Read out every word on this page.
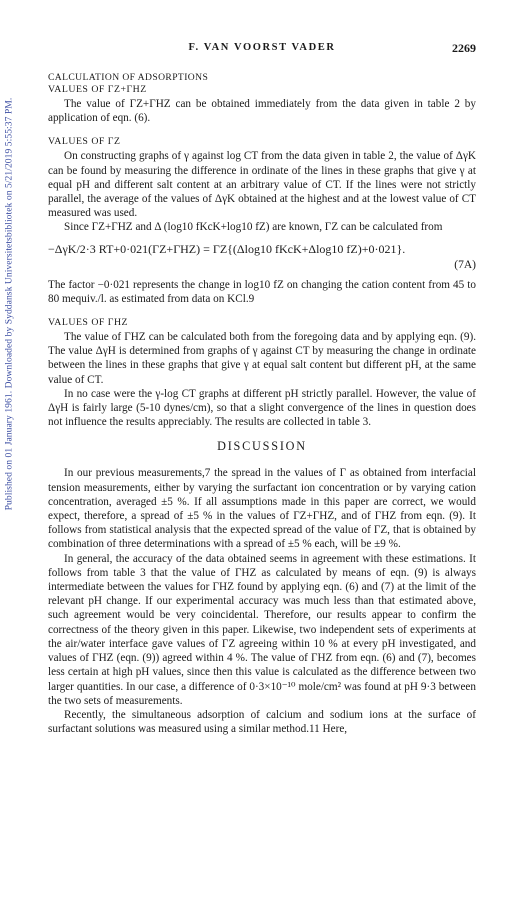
Published on 01 January 1961. Downloaded by Syddansk Universitetsbibliotek on 5/21/2019 5:55:37 PM.
F. VAN VOORST VADER	2269
CALCULATION OF ADSORPTIONS
VALUES OF ΓZ+ΓHZ

The value of ΓZ+ΓHZ can be obtained immediately from the data given in table 2 by application of eqn. (6).

VALUES OF ΓZ

On constructing graphs of γ against log CT from the data given in table 2, the value of ΔγK can be found by measuring the difference in ordinate of the lines in these graphs that give γ at equal pH and different salt content at an arbitrary value of CT. If the lines were not strictly parallel, the average of the values of ΔγK obtained at the highest and at the lowest value of CT measured was used.

Since ΓZ+ΓHZ and Δ (log10 fKcK+log10 fZ) are known, ΓZ can be calculated from

−ΔγK/2·3 RT+0·021(ΓZ+ΓHZ) = ΓZ{(Δlog10 fKcK+Δlog10 fZ)+0·021}.
(7A)

The factor −0·021 represents the change in log10 fZ on changing the cation content from 45 to 80 mequiv./l. as estimated from data on KCl.9

VALUES OF ΓHZ

The value of ΓHZ can be calculated both from the foregoing data and by applying eqn. (9). The value ΔγH is determined from graphs of γ against CT by measuring the change in ordinate between the lines in these graphs that give γ at equal salt content but different pH, at the same value of CT.

In no case were the γ-log CT graphs at different pH strictly parallel. However, the value of ΔγH is fairly large (5-10 dynes/cm), so that a slight convergence of the lines in question does not influence the results appreciably. The results are collected in table 3.

DISCUSSION

In our previous measurements,7 the spread in the values of Γ as obtained from interfacial tension measurements, either by varying the surfactant ion concentration or by varying cation concentration, averaged ±5 %. If all assumptions made in this paper are correct, we would expect, therefore, a spread of ±5 % in the values of ΓZ+ΓHZ, and of ΓHZ from eqn. (9). It follows from statistical analysis that the expected spread of the value of ΓZ, that is obtained by combination of three determinations with a spread of ±5 % each, will be ±9 %.

In general, the accuracy of the data obtained seems in agreement with these estimations. It follows from table 3 that the value of ΓHZ as calculated by means of eqn. (9) is always intermediate between the values for ΓHZ found by applying eqn. (6) and (7) at the limit of the relevant pH change. If our experimental accuracy was much less than that estimated above, such agreement would be very coincidental. Therefore, our results appear to confirm the correctness of the theory given in this paper. Likewise, two independent sets of experiments at the air/water interface gave values of ΓZ agreeing within 10 % at every pH investigated, and values of ΓHZ (eqn. (9)) agreed within 4 %. The value of ΓHZ from eqn. (6) and (7), becomes less certain at high pH values, since then this value is calculated as the difference between two larger quantities. In our case, a difference of 0·3×10⁻¹⁰ mole/cm² was found at pH 9·3 between the two sets of measurements.

Recently, the simultaneous adsorption of calcium and sodium ions at the surface of surfactant solutions was measured using a similar method.11 Here,
